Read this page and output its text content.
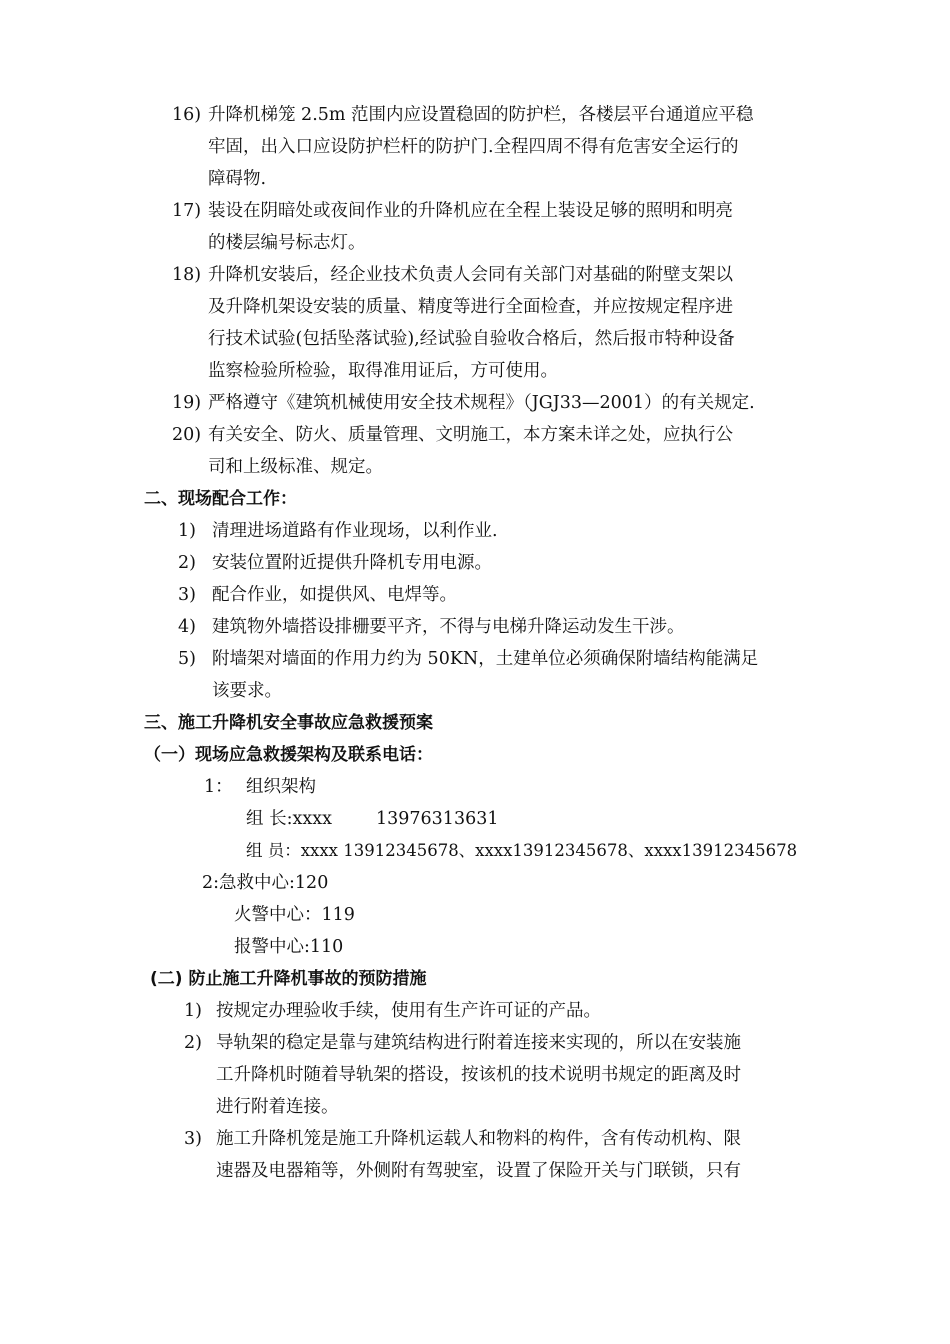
16) 升降机梯笼 2.5m 范围内应设置稳固的防护栏，各楼层平台通道应平稳
牢固，出入口应设防护栏杆的防护门.全程四周不得有危害安全运行的
障碍物.
17) 装设在阴暗处或夜间作业的升降机应在全程上装设足够的照明和明亮
的楼层编号标志灯。
18) 升降机安装后，经企业技术负责人会同有关部门对基础的附壁支架以
及升降机架设安装的质量、精度等进行全面检查，并应按规定程序进
行技术试验(包括坠落试验),经试验自验收合格后，然后报市特种设备
监察检验所检验，取得准用证后，方可使用。
19) 严格遵守《建筑机械使用安全技术规程》（JGJ33—2001）的有关规定.
20) 有关安全、防火、质量管理、文明施工，本方案未详之处，应执行公
司和上级标准、规定。
二、现场配合工作：
1) 清理进场道路有作业现场，以利作业.
2) 安装位置附近提供升降机专用电源。
3) 配合作业，如提供风、电焊等。
4) 建筑物外墙搭设排栅要平齐，不得与电梯升降运动发生干涉。
5) 附墙架对墙面的作用力约为 50KN，土建单位必须确保附墙结构能满足
该要求。
三、施工升降机安全事故应急救援预案
（一）现场应急救援架构及联系电话：
1： 组织架构
组 长:xxxx	13976313631
组 员：xxxx 13912345678、xxxx13912345678、xxxx13912345678
2:急救中心:120
火警中心：119
报警中心:110
(二) 防止施工升降机事故的预防措施
1) 按规定办理验收手续，使用有生产许可证的产品。
2) 导轨架的稳定是靠与建筑结构进行附着连接来实现的，所以在安装施
工升降机时随着导轨架的搭设，按该机的技术说明书规定的距离及时
进行附着连接。
3) 施工升降机笼是施工升降机运载人和物料的构件，含有传动机构、限
速器及电器箱等，外侧附有驾驶室，设置了保险开关与门联锁，只有
